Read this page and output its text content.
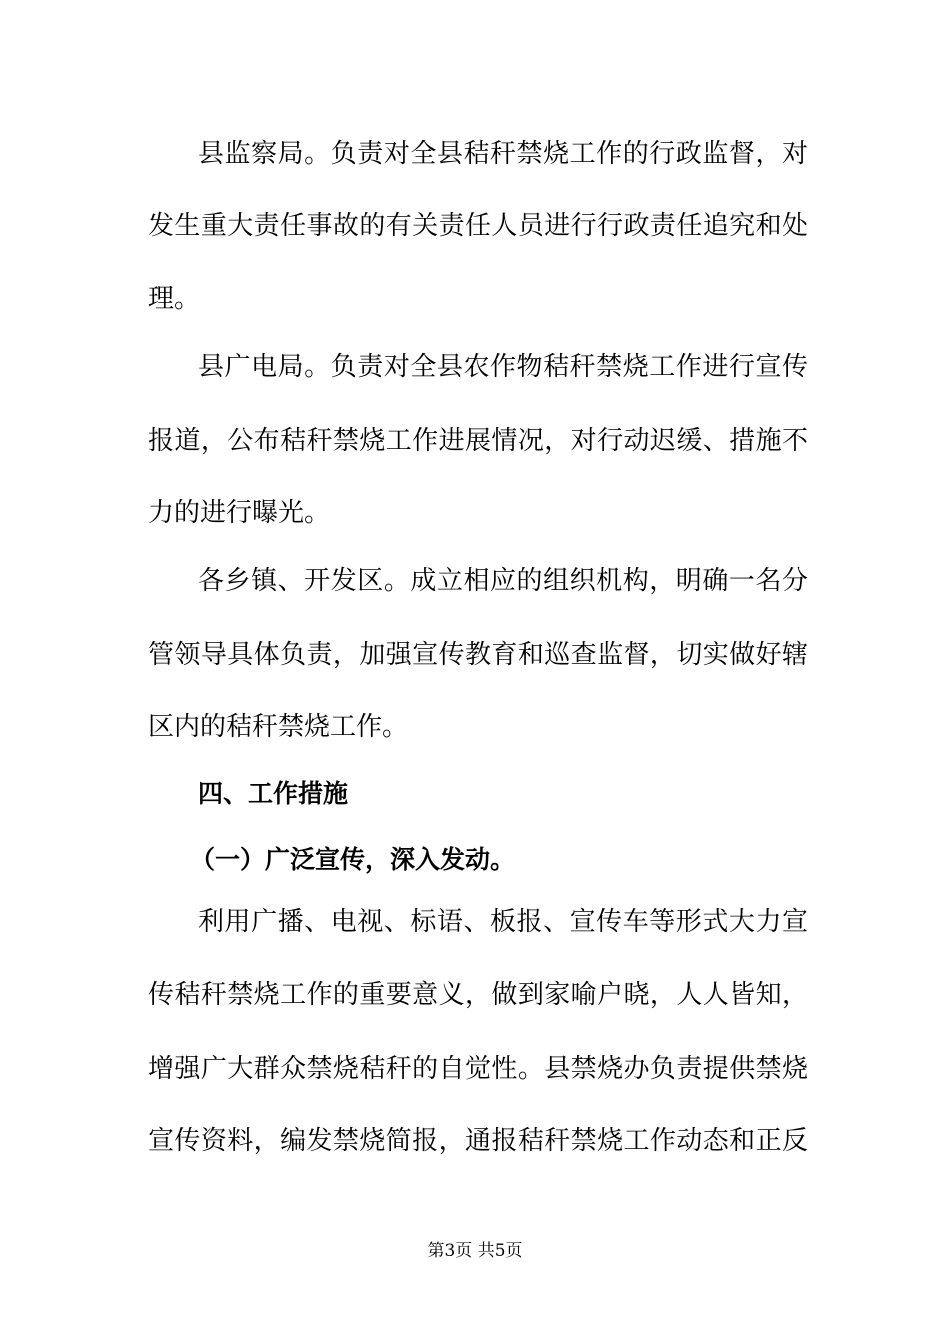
县监察局。负责对全县秸秆禁烧工作的行政监督，对
发生重大责任事故的有关责任人员进行行政责任追究和处
理。
县广电局。负责对全县农作物秸秆禁烧工作进行宣传
报道，公布秸秆禁烧工作进展情况，对行动迟缓、措施不
力的进行曝光。
各乡镇、开发区。成立相应的组织机构，明确一名分
管领导具体负责，加强宣传教育和巡查监督，切实做好辖
区内的秸秆禁烧工作。
四、工作措施
（一）广泛宣传，深入发动。
利用广播、电视、标语、板报、宣传车等形式大力宣
传秸秆禁烧工作的重要意义，做到家喻户晓，人人皆知，
增强广大群众禁烧秸秆的自觉性。县禁烧办负责提供禁烧
宣传资料，编发禁烧简报，通报秸秆禁烧工作动态和正反
第3页 共5页
